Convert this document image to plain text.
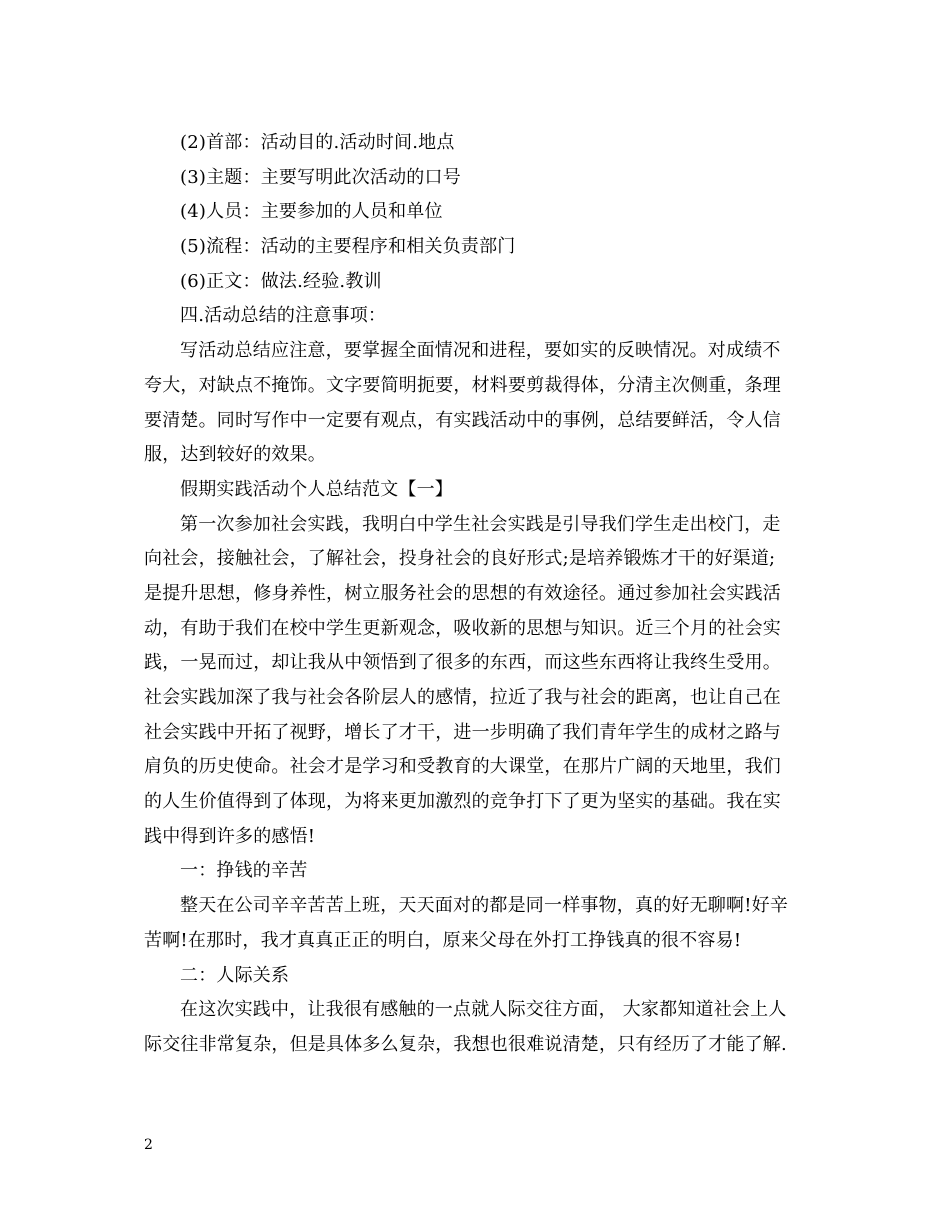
(2)首部：活动目的.活动时间.地点
(3)主题：主要写明此次活动的口号
(4)人员：主要参加的人员和单位
(5)流程：活动的主要程序和相关负责部门
(6)正文：做法.经验.教训
四.活动总结的注意事项：
写活动总结应注意，要掌握全面情况和进程，要如实的反映情况。对成绩不
夸大，对缺点不掩饰。文字要简明扼要，材料要剪裁得体，分清主次侧重，条理
要清楚。同时写作中一定要有观点，有实践活动中的事例，总结要鲜活，令人信
服，达到较好的效果。
假期实践活动个人总结范文【一】
第一次参加社会实践，我明白中学生社会实践是引导我们学生走出校门，走
向社会，接触社会，了解社会，投身社会的良好形式;是培养锻炼才干的好渠道;
是提升思想，修身养性，树立服务社会的思想的有效途径。通过参加社会实践活
动，有助于我们在校中学生更新观念，吸收新的思想与知识。近三个月的社会实
践，一晃而过，却让我从中领悟到了很多的东西，而这些东西将让我终生受用。
社会实践加深了我与社会各阶层人的感情，拉近了我与社会的距离，也让自己在
社会实践中开拓了视野，增长了才干，进一步明确了我们青年学生的成材之路与
肩负的历史使命。社会才是学习和受教育的大课堂，在那片广阔的天地里，我们
的人生价值得到了体现，为将来更加激烈的竞争打下了更为坚实的基础。我在实
践中得到许多的感悟!
一：挣钱的辛苦
整天在公司辛辛苦苦上班，天天面对的都是同一样事物，真的好无聊啊!好辛
苦啊!在那时，我才真真正正的明白，原来父母在外打工挣钱真的很不容易!
二：人际关系
在这次实践中，让我很有感触的一点就人际交往方面， 大家都知道社会上人
际交往非常复杂，但是具体多么复杂，我想也很难说清楚，只有经历了才能了解.
2
